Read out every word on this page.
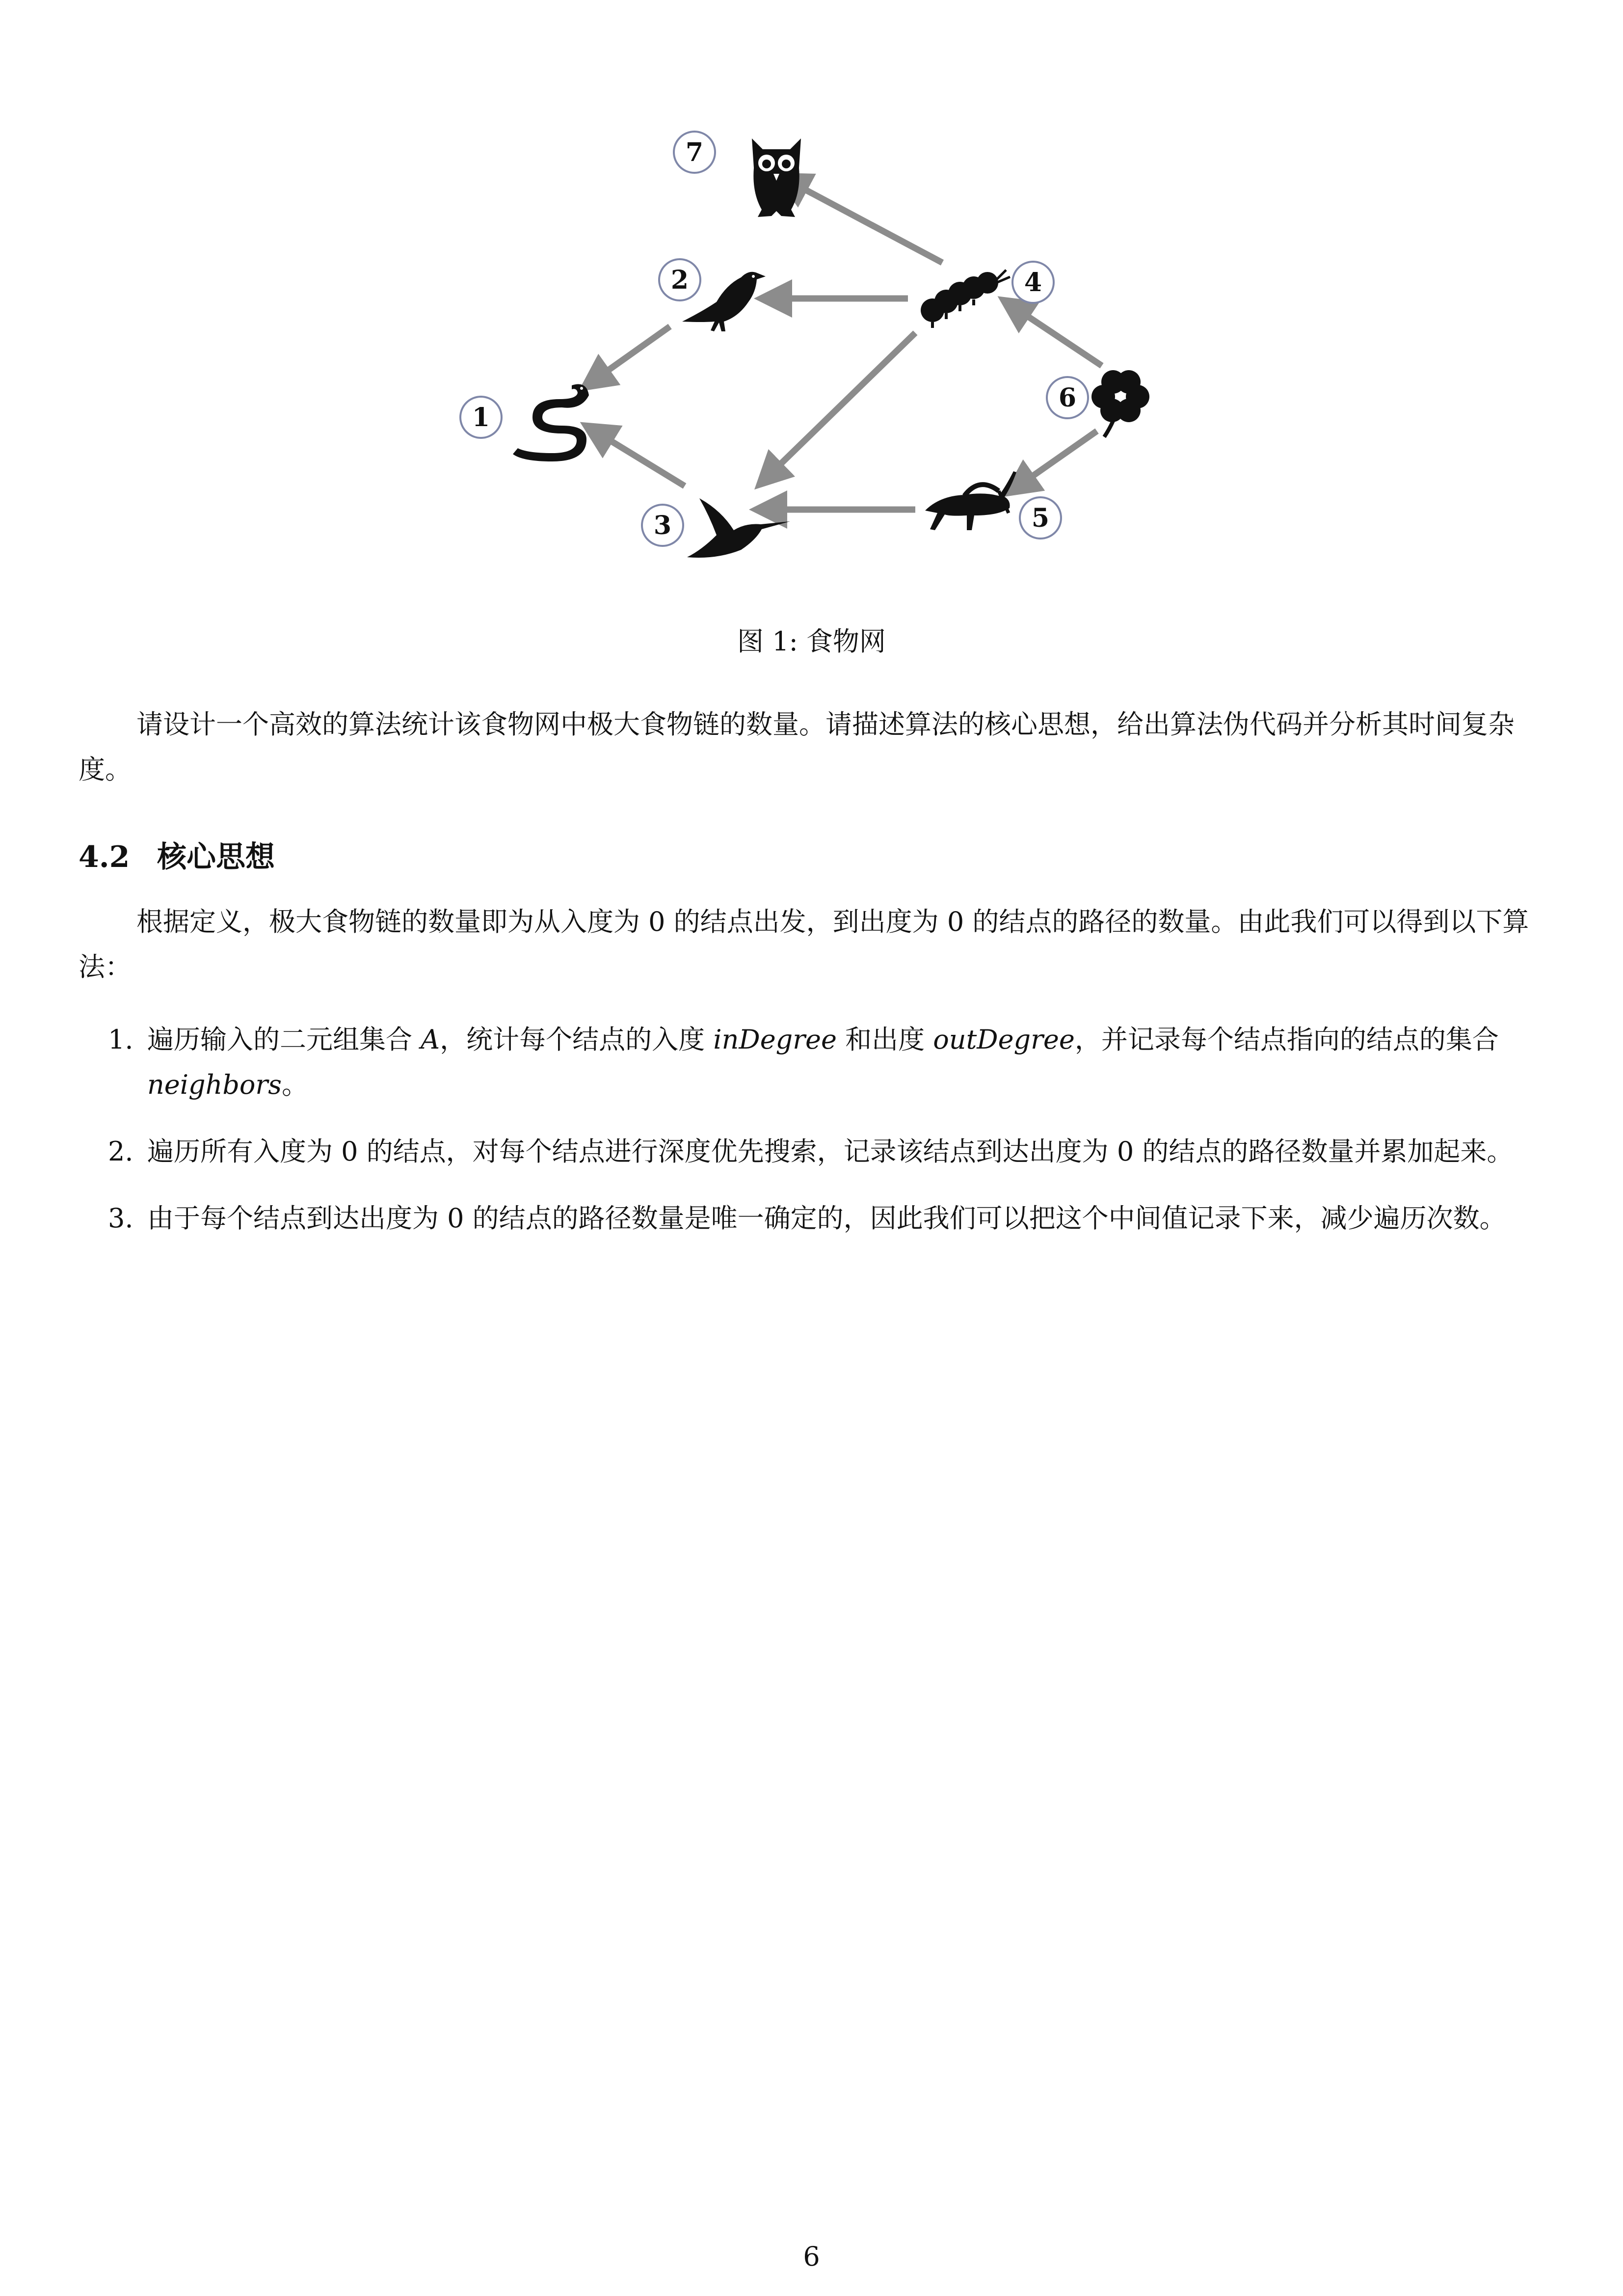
1
2
3
4
5
6
7
图 1: 食物网
请设计一个高效的算法统计该食物网中极大食物链的数量。请描述算法的核心思想，给出算法伪代码并分析其时间复杂度。
4.2 核心思想
根据定义，极大食物链的数量即为从入度为 0 的结点出发，到出度为 0 的结点的路径的数量。由此我们可以得到以下算法：
1. 遍历输入的二元组集合 A，统计每个结点的入度 inDegree 和出度 outDegree，并记录每个结点指向的结点的集合 neighbors。
2. 遍历所有入度为 0 的结点，对每个结点进行深度优先搜索，记录该结点到达出度为 0 的结点的路径数量并累加起来。
3. 由于每个结点到达出度为 0 的结点的路径数量是唯一确定的，因此我们可以把这个中间值记录下来，减少遍历次数。
6
